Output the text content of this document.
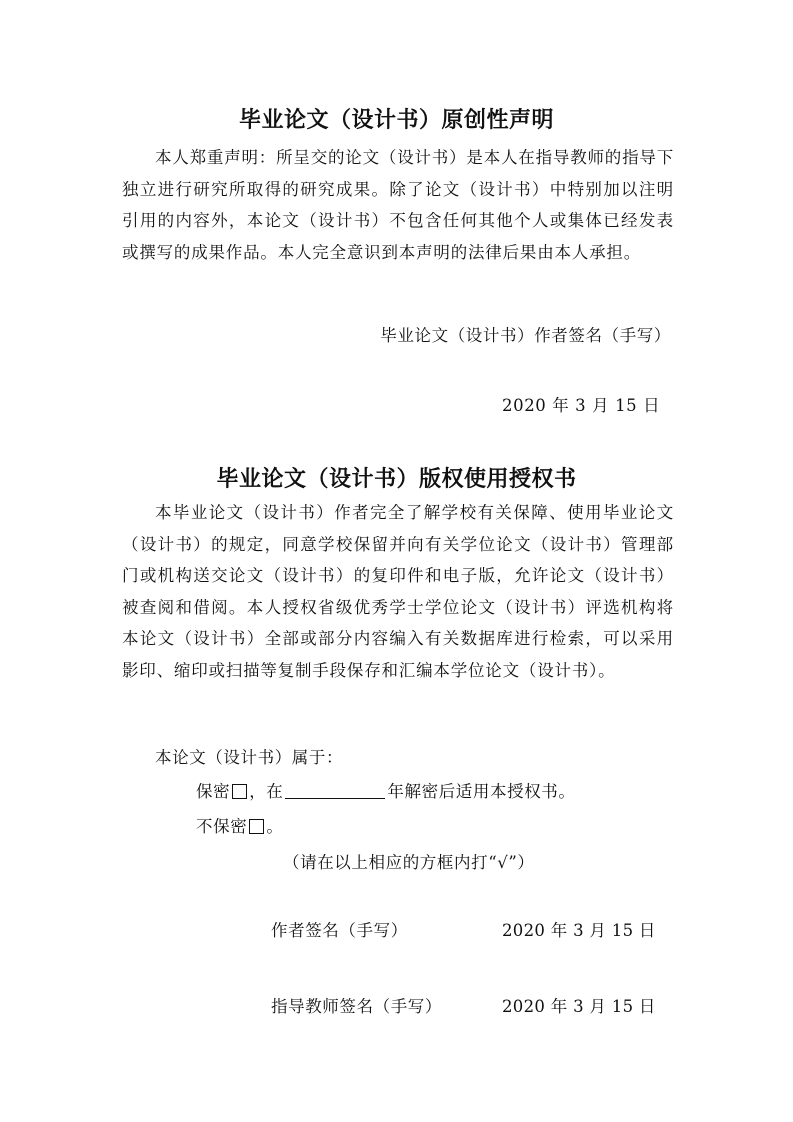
毕业论文（设计书）原创性声明

本人郑重声明：所呈交的论文（设计书）是本人在指导教师的指导下独立进行研究所取得的研究成果。除了论文（设计书）中特别加以注明引用的内容外，本论文（设计书）不包含任何其他个人或集体已经发表或撰写的成果作品。本人完全意识到本声明的法律后果由本人承担。

毕业论文（设计书）作者签名（手写）
2020 年 3 月 15 日
毕业论文（设计书）版权使用授权书

本毕业论文（设计书）作者完全了解学校有关保障、使用毕业论文（设计书）的规定，同意学校保留并向有关学位论文（设计书）管理部门或机构送交论文（设计书）的复印件和电子版，允许论文（设计书）被查阅和借阅。本人授权省级优秀学士学位论文（设计书）评选机构将本论文（设计书）全部或部分内容编入有关数据库进行检索，可以采用影印、缩印或扫描等复制手段保存和汇编本学位论文（设计书）。

本论文（设计书）属于：
保密 ，在	年解密后适用本授权书。
不保密 。
（请在以上相应的方框内打“√”）
作者签名（手写）	2020 年 3 月 15 日
指导教师签名（手写）	2020 年 3 月 15 日
